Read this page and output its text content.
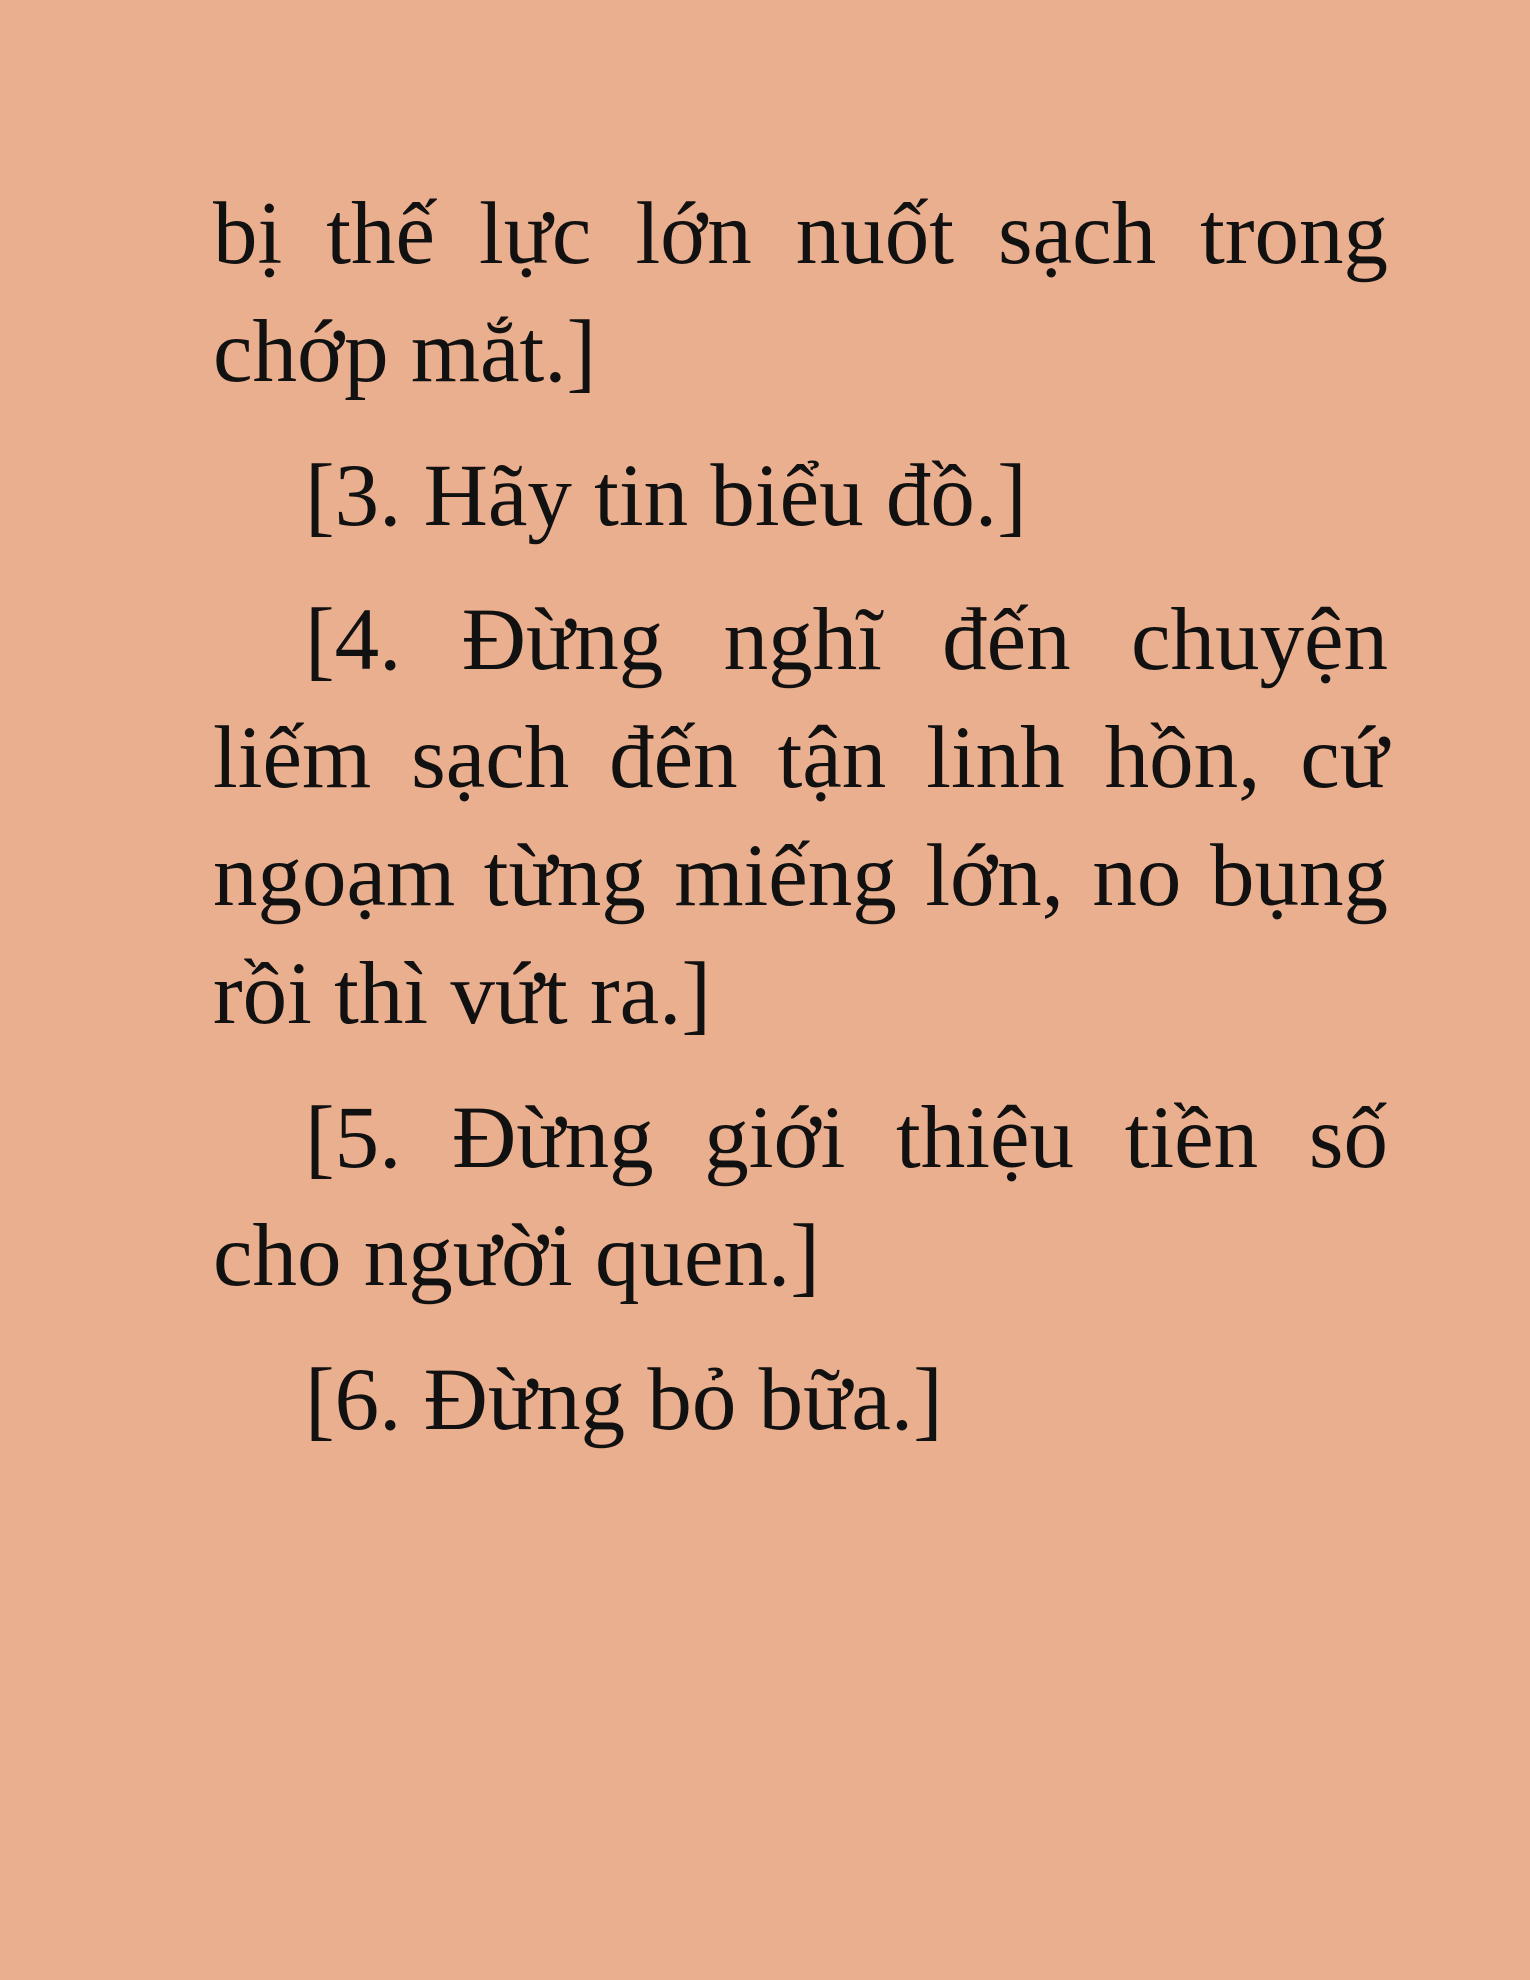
bị thế lực lớn nuốt sạch trong chớp mắt.]

[3. Hãy tin biểu đồ.]

[4. Đừng nghĩ đến chuyện liếm sạch đến tận linh hồn, cứ ngoạm từng miếng lớn, no bụng rồi thì vứt ra.]

[5. Đừng giới thiệu tiền số cho người quen.]

[6. Đừng bỏ bữa.]
